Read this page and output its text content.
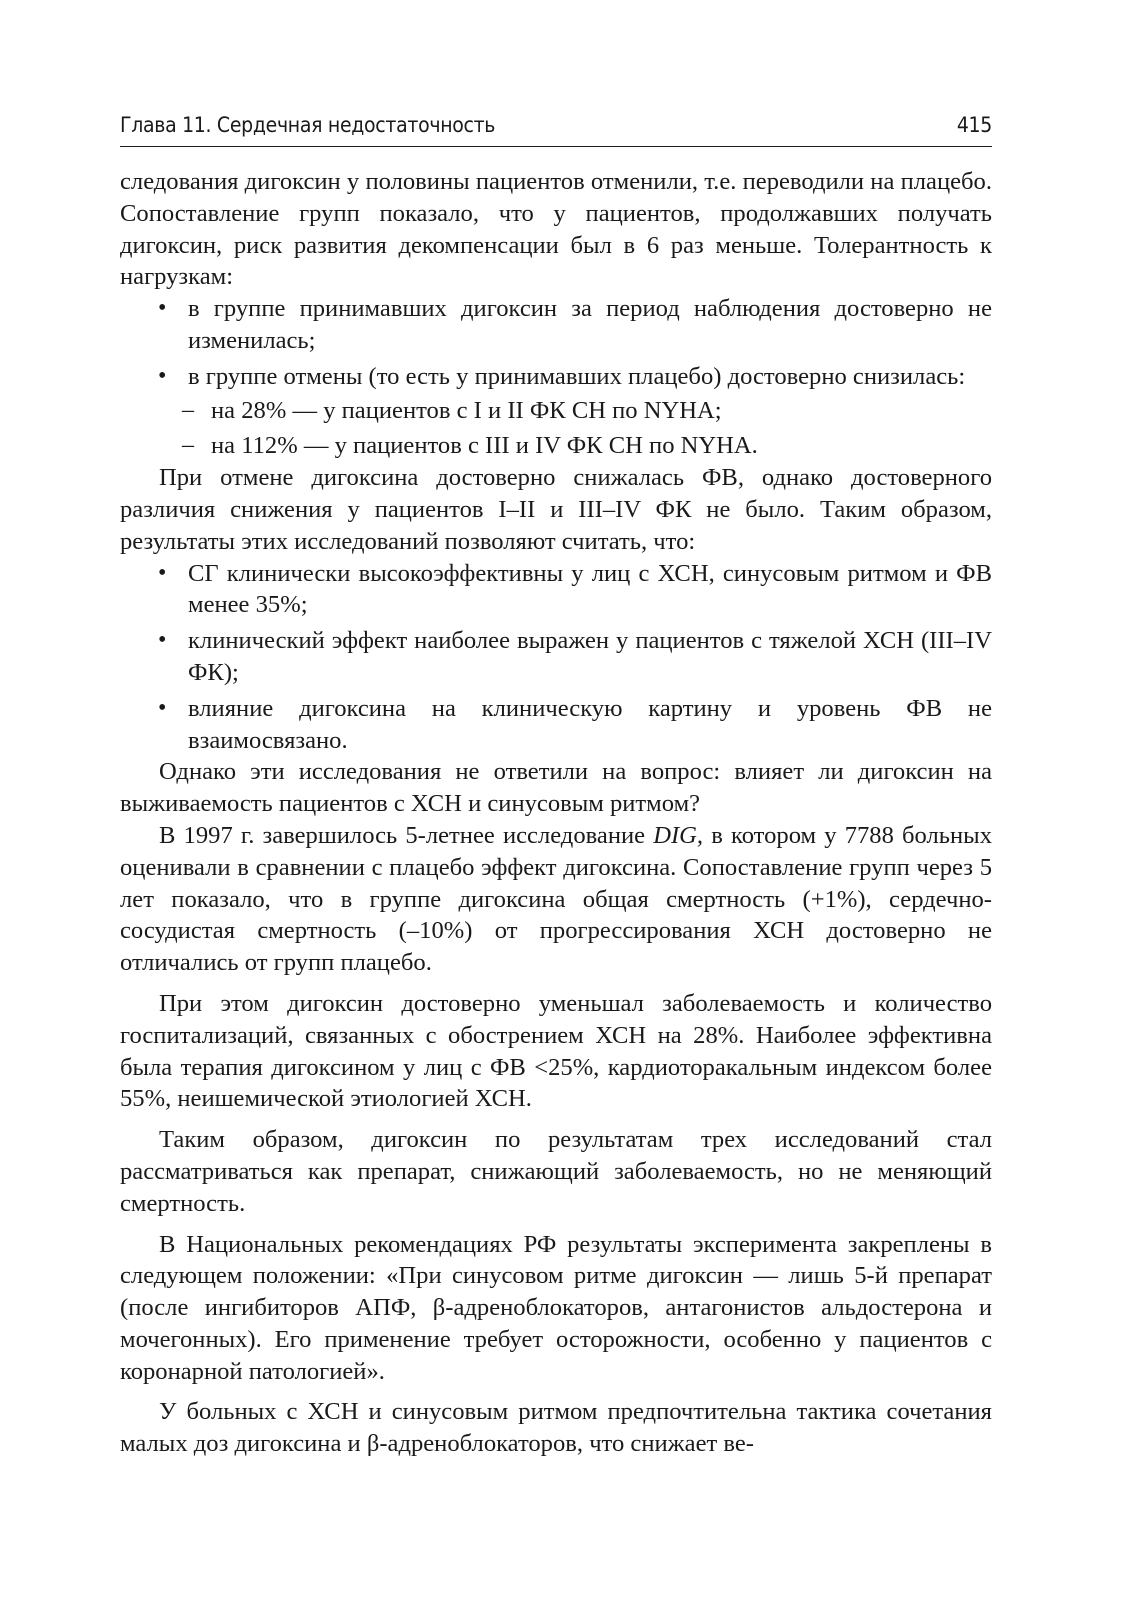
Глава 11. Сердечная недостаточность	415

следования дигоксин у половины пациентов отменили, т.е. переводили на плацебо. Сопоставление групп показало, что у пациентов, продолжавших получать дигоксин, риск развития декомпенсации был в 6 раз меньше. Толерантность к нагрузкам:

• в группе принимавших дигоксин за период наблюдения достоверно не изменилась;
• в группе отмены (то есть у принимавших плацебо) достоверно снизилась:
– на 28% — у пациентов с I и II ФК СН по NYHA;
– на 112% — у пациентов с III и IV ФК СН по NYHA.

При отмене дигоксина достоверно снижалась ФВ, однако достоверного различия снижения у пациентов I–II и III–IV ФК не было. Таким образом, результаты этих исследований позволяют считать, что:

• СГ клинически высокоэффективны у лиц с ХСН, синусовым ритмом и ФВ менее 35%;
• клинический эффект наиболее выражен у пациентов с тяжелой ХСН (III–IV ФК);
• влияние дигоксина на клиническую картину и уровень ФВ не взаимосвязано.

Однако эти исследования не ответили на вопрос: влияет ли дигоксин на выживаемость пациентов с ХСН и синусовым ритмом?

В 1997 г. завершилось 5-летнее исследование DIG, в котором у 7788 больных оценивали в сравнении с плацебо эффект дигоксина. Сопоставление групп через 5 лет показало, что в группе дигоксина общая смертность (+1%), сердечно-сосудистая смертность (–10%) от прогрессирования ХСН достоверно не отличались от групп плацебо.

При этом дигоксин достоверно уменьшал заболеваемость и количество госпитализаций, связанных с обострением ХСН на 28%. Наиболее эффективна была терапия дигоксином у лиц с ФВ <25%, кардиоторакальным индексом более 55%, неишемической этиологией ХСН.

Таким образом, дигоксин по результатам трех исследований стал рассматриваться как препарат, снижающий заболеваемость, но не меняющий смертность.

В Национальных рекомендациях РФ результаты эксперимента закреплены в следующем положении: «При синусовом ритме дигоксин — лишь 5-й препарат (после ингибиторов АПФ, β-адреноблокаторов, антагонистов альдостерона и мочегонных). Его применение требует осторожности, особенно у пациентов с коронарной патологией».

У больных с ХСН и синусовым ритмом предпочтительна тактика сочетания малых доз дигоксина и β-адреноблокаторов, что снижает ве-
